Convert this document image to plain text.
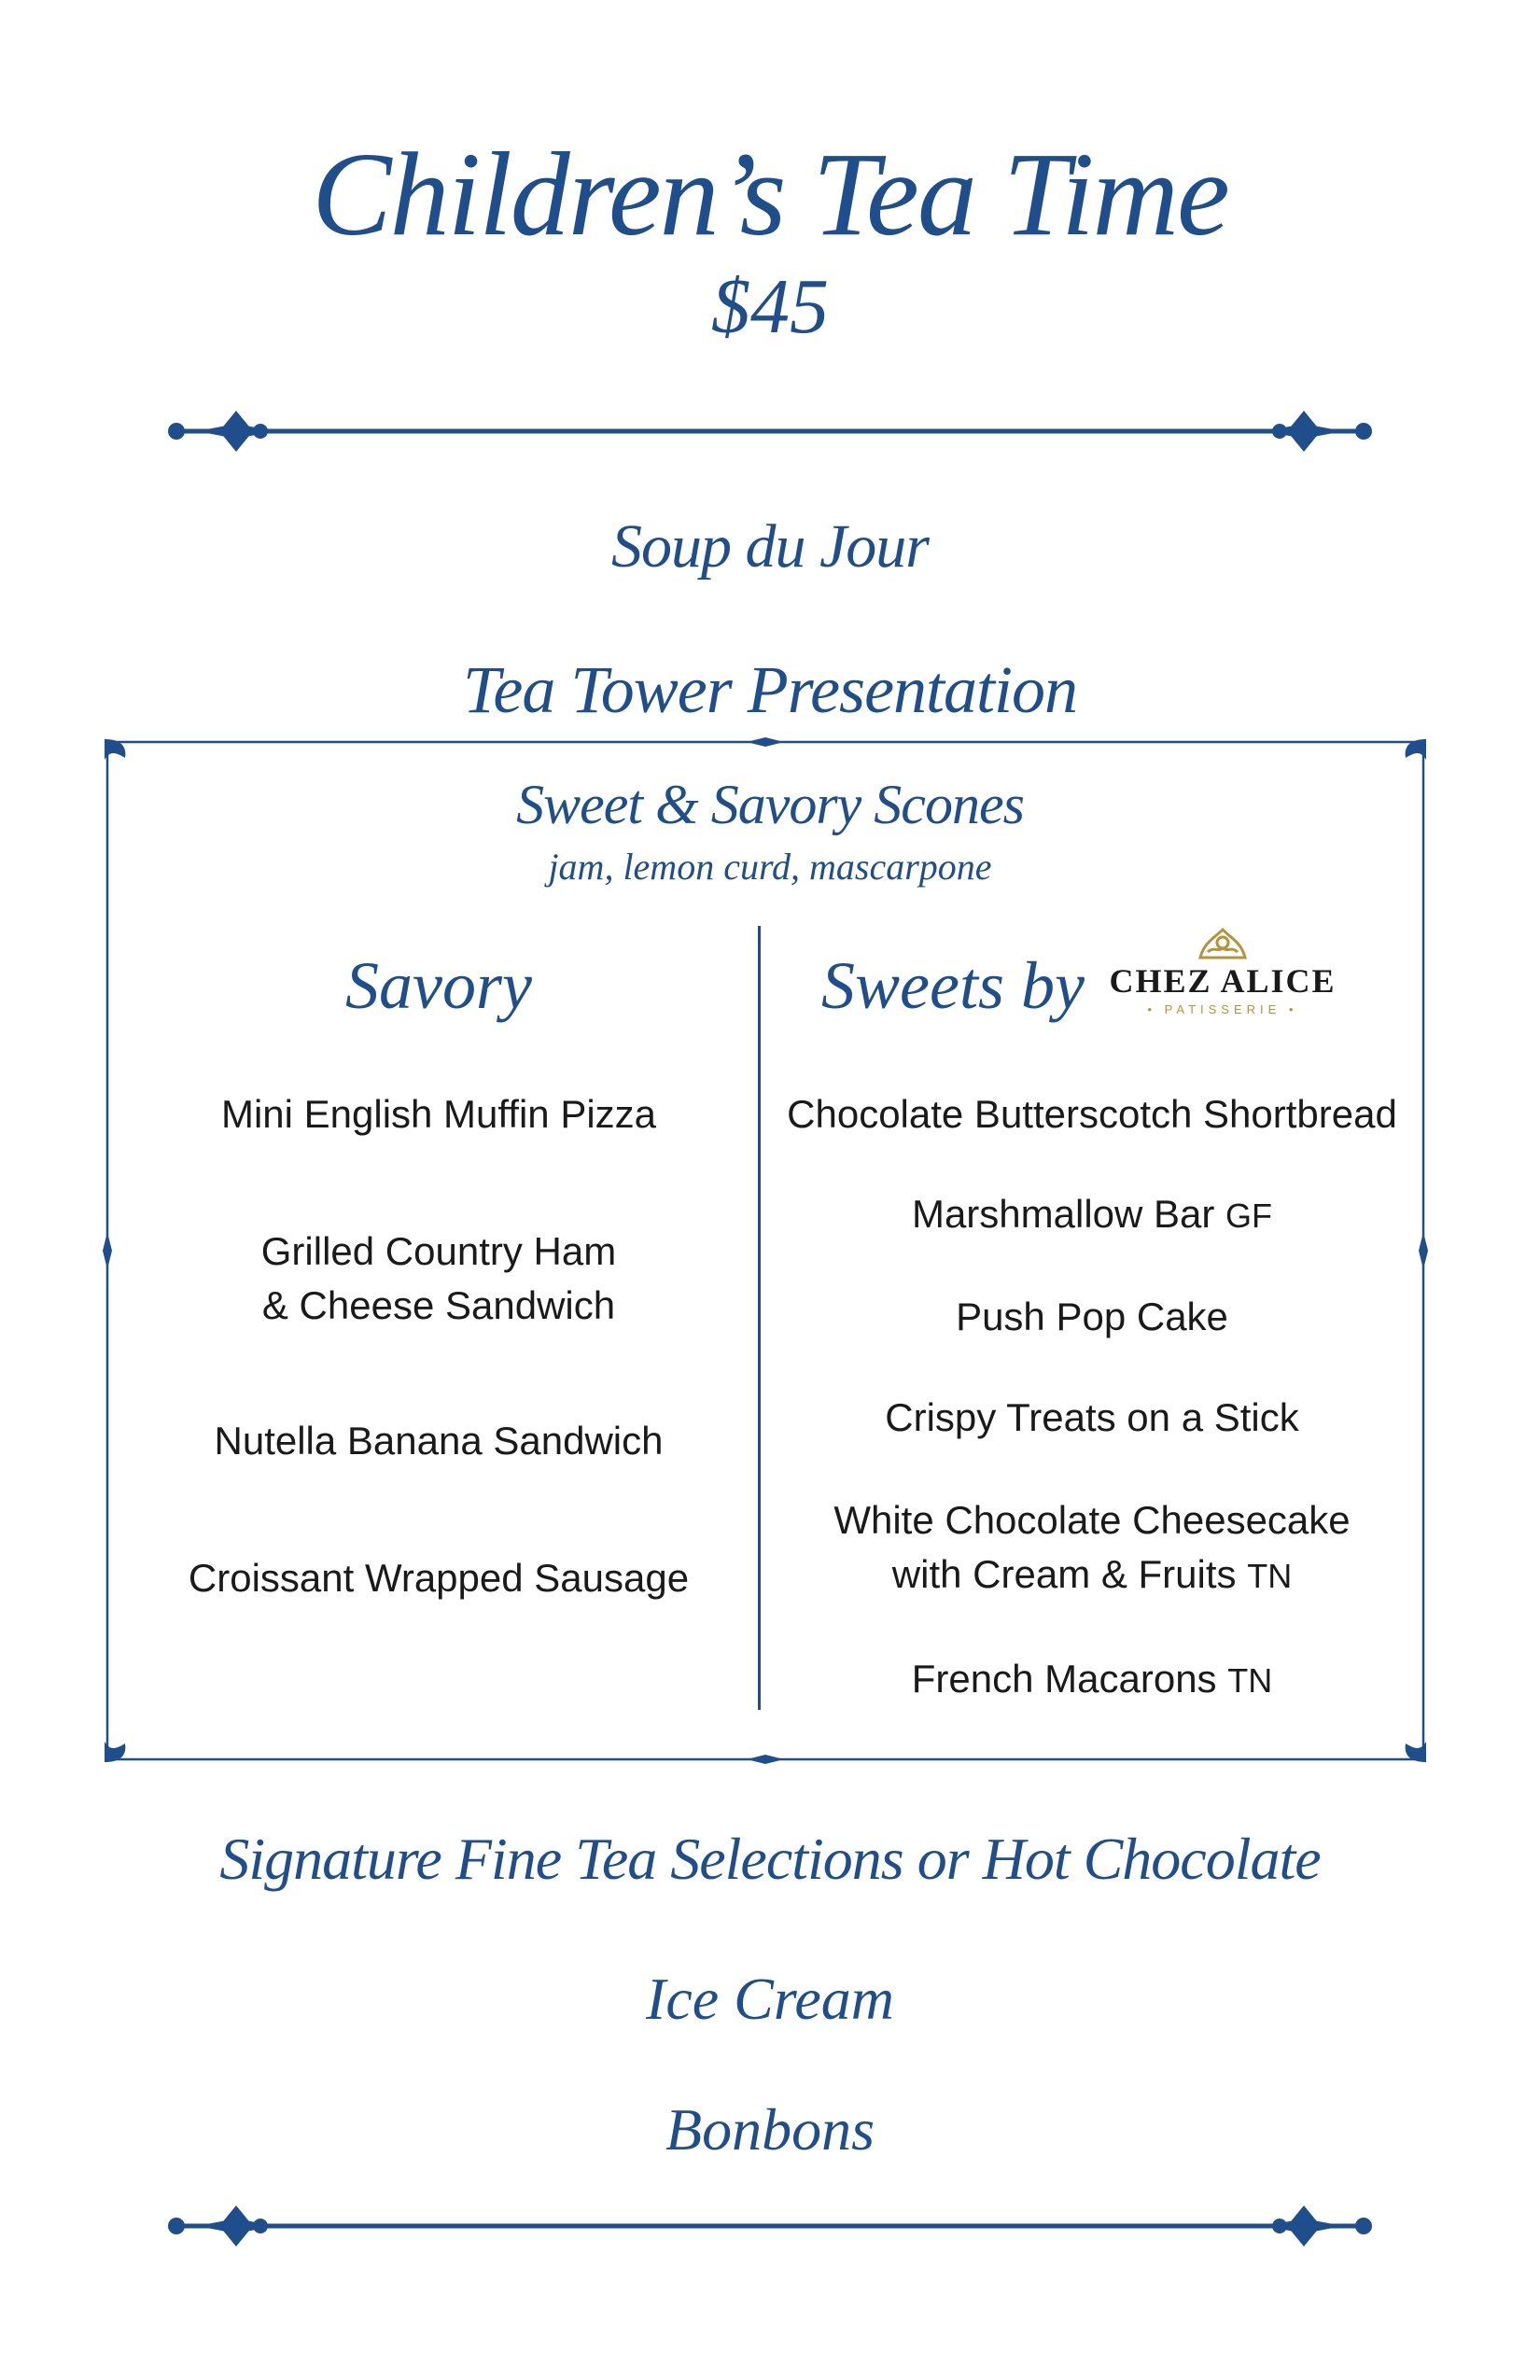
Children’s Tea Time
$45
Soup du Jour
Tea Tower Presentation
Sweet & Savory Scones
jam, lemon curd, mascarpone
Savory	Sweets by CHEZ ALICE
• PATISSERIE •
Mini English Muffin Pizza
Grilled Country Ham
& Cheese Sandwich
Nutella Banana Sandwich
Croissant Wrapped Sausage
Chocolate Butterscotch Shortbread
Marshmallow Bar GF
Push Pop Cake
Crispy Treats on a Stick
White Chocolate Cheesecake
with Cream & Fruits TN
French Macarons TN
Signature Fine Tea Selections or Hot Chocolate
Ice Cream
Bonbons
